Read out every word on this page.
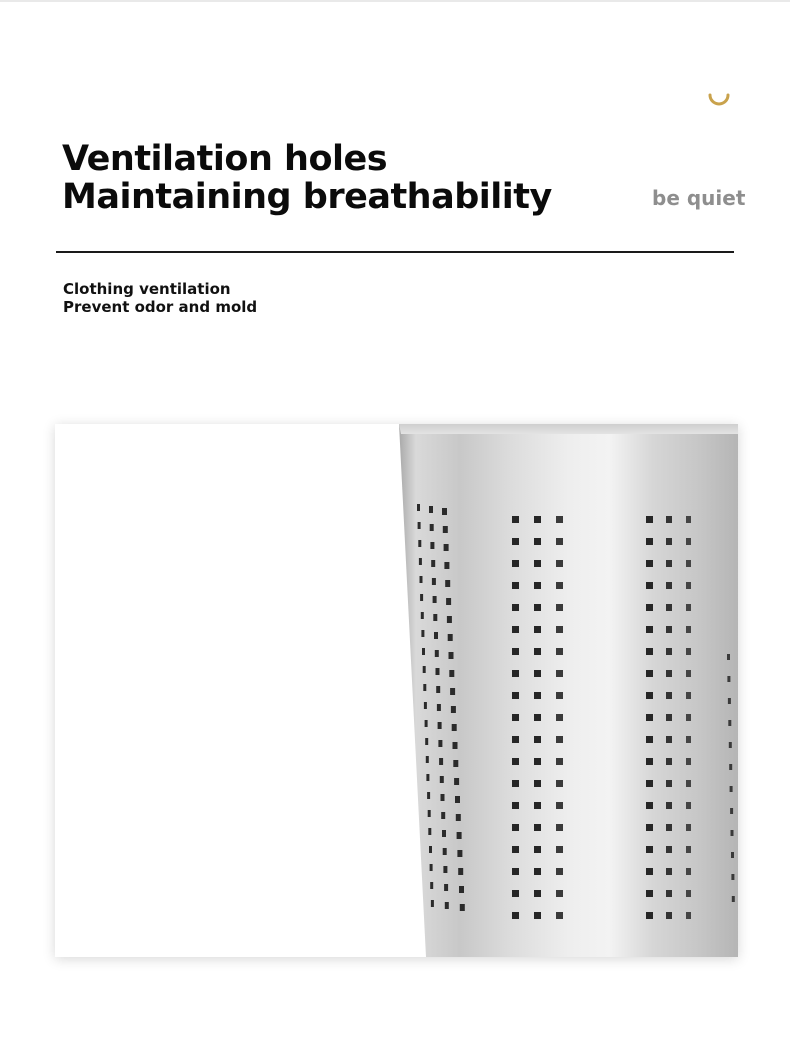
Ventilation holes
Maintaining breathability	be quiet
Clothing ventilation
Prevent odor and mold
